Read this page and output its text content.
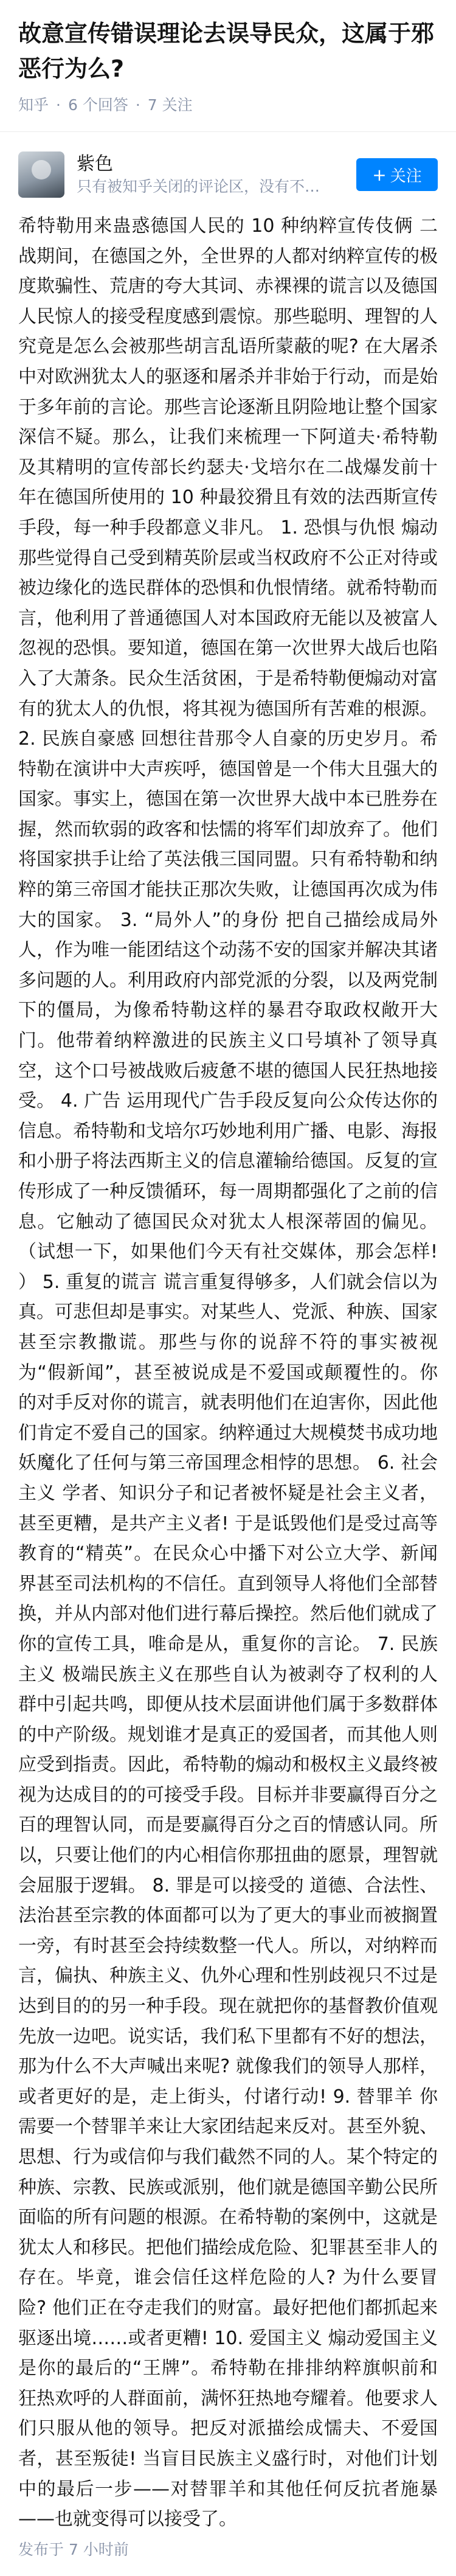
故意宣传错误理论去误导民众，这属于邪恶行为么?
知乎 · 6 个回答 · 7 关注
紫色
只有被知乎关闭的评论区，没有不…
+ 关注

希特勒用来蛊惑德国人民的 10 种纳粹宣传伎俩 二战期间，在德国之外，全世界的人都对纳粹宣传的极度欺骗性、荒唐的夸大其词、赤裸裸的谎言以及德国人民惊人的接受程度感到震惊。那些聪明、理智的人究竟是怎么会被那些胡言乱语所蒙蔽的呢? 在大屠杀中对欧洲犹太人的驱逐和屠杀并非始于行动，而是始于多年前的言论。那些言论逐渐且阴险地让整个国家深信不疑。那么，让我们来梳理一下阿道夫·希特勒及其精明的宣传部长约瑟夫·戈培尔在二战爆发前十年在德国所使用的 10 种最狡猾且有效的法西斯宣传手段，每一种手段都意义非凡。 1. 恐惧与仇恨 煽动那些觉得自己受到精英阶层或当权政府不公正对待或被边缘化的选民群体的恐惧和仇恨情绪。就希特勒而言，他利用了普通德国人对本国政府无能以及被富人忽视的恐惧。要知道，德国在第一次世界大战后也陷入了大萧条。民众生活贫困，于是希特勒便煽动对富有的犹太人的仇恨，将其视为德国所有苦难的根源。 2. 民族自豪感 回想往昔那令人自豪的历史岁月。希特勒在演讲中大声疾呼，德国曾是一个伟大且强大的国家。事实上，德国在第一次世界大战中本已胜券在握，然而软弱的政客和怯懦的将军们却放弃了。他们将国家拱手让给了英法俄三国同盟。只有希特勒和纳粹的第三帝国才能扶正那次失败，让德国再次成为伟大的国家。 3. “局外人”的身份 把自己描绘成局外人，作为唯一能团结这个动荡不安的国家并解决其诸多问题的人。利用政府内部党派的分裂，以及两党制下的僵局，为像希特勒这样的暴君夺取政权敞开大门。他带着纳粹激进的民族主义口号填补了领导真空，这个口号被战败后疲惫不堪的德国人民狂热地接受。 4. 广告 运用现代广告手段反复向公众传达你的信息。希特勒和戈培尔巧妙地利用广播、电影、海报和小册子将法西斯主义的信息灌输给德国。反复的宣传形成了一种反馈循环，每一周期都强化了之前的信息。它触动了德国民众对犹太人根深蒂固的偏见。（试想一下，如果他们今天有社交媒体，那会怎样! ） 5. 重复的谎言 谎言重复得够多，人们就会信以为真。可悲但却是事实。对某些人、党派、种族、国家甚至宗教撒谎。那些与你的说辞不符的事实被视为“假新闻”，甚至被说成是不爱国或颠覆性的。你的对手反对你的谎言，就表明他们在迫害你，因此他们肯定不爱自己的国家。纳粹通过大规模焚书成功地妖魔化了任何与第三帝国理念相悖的思想。 6. 社会主义 学者、知识分子和记者被怀疑是社会主义者，甚至更糟，是共产主义者! 于是诋毁他们是受过高等教育的“精英”。在民众心中播下对公立大学、新闻界甚至司法机构的不信任。直到领导人将他们全部替换，并从内部对他们进行幕后操控。然后他们就成了你的宣传工具，唯命是从，重复你的言论。 7. 民族主义 极端民族主义在那些自认为被剥夺了权利的人群中引起共鸣，即便从技术层面讲他们属于多数群体的中产阶级。规划谁才是真正的爱国者，而其他人则应受到指责。因此，希特勒的煽动和极权主义最终被视为达成目的的可接受手段。目标并非要赢得百分之百的理智认同，而是要赢得百分之百的情感认同。所以，只要让他们的内心相信你那扭曲的愿景，理智就会屈服于逻辑。 8. 罪是可以接受的 道德、合法性、法治甚至宗教的体面都可以为了更大的事业而被搁置一旁，有时甚至会持续数整一代人。所以，对纳粹而言，偏执、种族主义、仇外心理和性别歧视只不过是达到目的的另一种手段。现在就把你的基督教价值观先放一边吧。说实话，我们私下里都有不好的想法，那为什么不大声喊出来呢? 就像我们的领导人那样，或者更好的是，走上街头，付诸行动! 9. 替罪羊 你需要一个替罪羊来让大家团结起来反对。甚至外貌、思想、行为或信仰与我们截然不同的人。某个特定的种族、宗教、民族或派别，他们就是德国辛勤公民所面临的所有问题的根源。在希特勒的案例中，这就是犹太人和移民。把他们描绘成危险、犯罪甚至非人的存在。毕竟，谁会信任这样危险的人? 为什么要冒险? 他们正在夺走我们的财富。最好把他们都抓起来驱逐出境……或者更糟! 10. 爱国主义 煽动爱国主义是你的最后的“王牌”。希特勒在排排纳粹旗帜前和狂热欢呼的人群面前，满怀狂热地夸耀着。他要求人们只服从他的领导。把反对派描绘成懦夫、不爱国者，甚至叛徒! 当盲目民族主义盛行时，对他们计划中的最后一步——对替罪羊和其他任何反抗者施暴——也就变得可以接受了。

发布于 7 小时前
